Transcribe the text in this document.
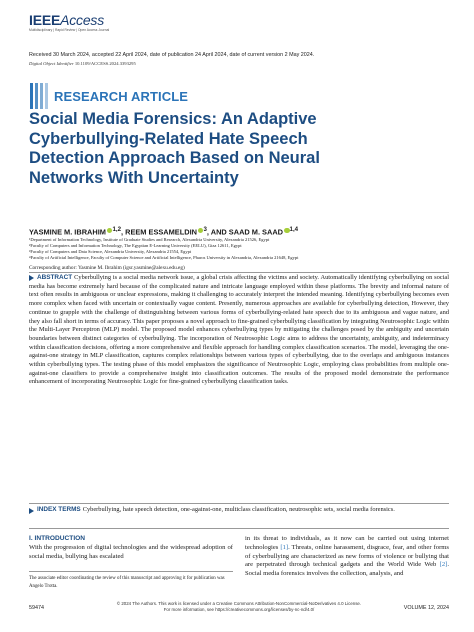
IEEEAccess
Multidisciplinary | Rapid Review | Open Access Journal
Received 30 March 2024, accepted 22 April 2024, date of publication 24 April 2024, date of current version 2 May 2024.
Digital Object Identifier 10.1109/ACCESS.2024.3393295
RESEARCH ARTICLE
Social Media Forensics: An Adaptive Cyberbullying-Related Hate Speech Detection Approach Based on Neural Networks With Uncertainty
YASMINE M. IBRAHIM $^{1,2}$, REEM ESSAMELDIN $^3$, AND SAAD M. SAAD $^{1,4}$
¹Department of Information Technology, Institute of Graduate Studies and Research, Alexandria University, Alexandria 21526, Egypt
²Faculty of Computers and Information Technology, The Egyptian E-Learning University (EELU), Giza 12611, Egypt
³Faculty of Computers and Data Science, Alexandria University, Alexandria 21554, Egypt
⁴Faculty of Artificial Intelligence, Faculty of Computer Science and Artificial Intelligence, Pharos University in Alexandria, Alexandria 21648, Egypt
Corresponding author: Yasmine M. Ibrahim (igsr.yasmine@alexu.edu.eg)
ABSTRACT Cyberbullying is a social media network issue, a global crisis affecting the victims and society. Automatically identifying cyberbullying on social media has become extremely hard because of the complicated nature and intricate language employed within these platforms. The brevity and informal nature of text often results in ambiguous or unclear expressions, making it challenging to accurately interpret the intended meaning. Identifying cyberbullying becomes even more complex when faced with uncertain or contextually vague content. Presently, numerous approaches are available for cyberbullying detection, However, they continue to grapple with the challenge of distinguishing between various forms of cyberbullying-related hate speech due to its ambiguous and vague nature, and they also fall short in terms of accuracy. This paper proposes a novel approach to fine-grained cyberbullying classification by integrating Neutrosophic Logic within the Multi-Layer Perceptron (MLP) model. The proposed model enhances cyberbullying types by mitigating the challenges posed by the ambiguity and uncertain boundaries between distinct categories of cyberbullying. The incorporation of Neutrosophic Logic aims to address the uncertainty, ambiguity, and indeterminacy within classification decisions, offering a more comprehensive and flexible approach for handling complex classification scenarios. The model, leveraging the one-against-one strategy in MLP classification, captures complex relationships between various types of cyberbullying, due to the overlaps and ambiguous instances within cyberbullying types. The testing phase of this model emphasizes the significance of Neutrosophic Logic, employing class probabilities from multiple one-against-one classifiers to provide a comprehensive insight into classification outcomes. The results of the proposed model demonstrate the performance enhancement of incorporating Neutrosophic Logic for fine-grained cyberbullying classification tasks.
INDEX TERMS Cyberbullying, hate speech detection, one-against-one, multiclass classification, neutrosophic sets, social media forensics.
I. INTRODUCTION
With the progression of digital technologies and the widespread adoption of social media, bullying has escalated
The associate editor coordinating the review of this manuscript and approving it for publication was Angelo Trotta.
in its threat to individuals, as it now can be carried out using internet technologies [1]. Threats, online harassment, disgrace, fear, and other forms of cyberbullying are characterized as new forms of violence or bullying that are perpetrated through technical gadgets and the World Wide Web [2]. Social media forensics involves the collection, analysis, and
© 2024 The Authors. This work is licensed under a Creative Commons Attribution-NonCommercial-NoDerivatives 4.0 License.
For more information, see https://creativecommons.org/licenses/by-nc-nd/4.0/
59474	VOLUME 12, 2024
